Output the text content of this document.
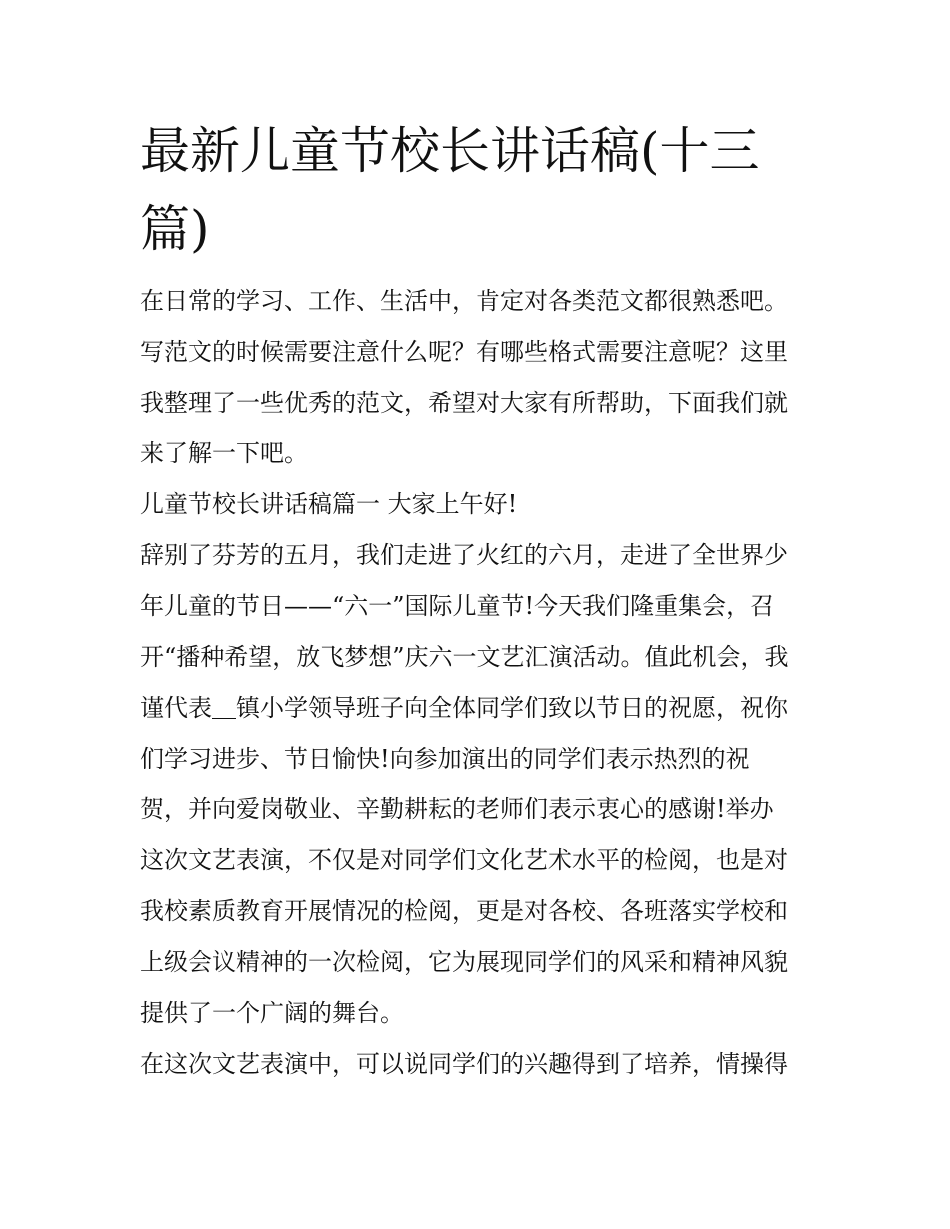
最新儿童节校长讲话稿(十三
篇)

在日常的学习、工作、生活中，肯定对各类范文都很熟悉吧。

写范文的时候需要注意什么呢？有哪些格式需要注意呢？这里

我整理了一些优秀的范文，希望对大家有所帮助，下面我们就

来了解一下吧。

儿童节校长讲话稿篇一 大家上午好!

辞别了芬芳的五月，我们走进了火红的六月，走进了全世界少

年儿童的节日——“六一”国际儿童节!今天我们隆重集会，召

开“播种希望，放飞梦想”庆六一文艺汇演活动。值此机会，我

谨代表＿镇小学领导班子向全体同学们致以节日的祝愿，祝你

们学习进步、节日愉快!向参加演出的同学们表示热烈的祝

贺，并向爱岗敬业、辛勤耕耘的老师们表示衷心的感谢!举办

这次文艺表演，不仅是对同学们文化艺术水平的检阅，也是对

我校素质教育开展情况的检阅，更是对各校、各班落实学校和

上级会议精神的一次检阅，它为展现同学们的风采和精神风貌

提供了一个广阔的舞台。

在这次文艺表演中，可以说同学们的兴趣得到了培养，情操得
